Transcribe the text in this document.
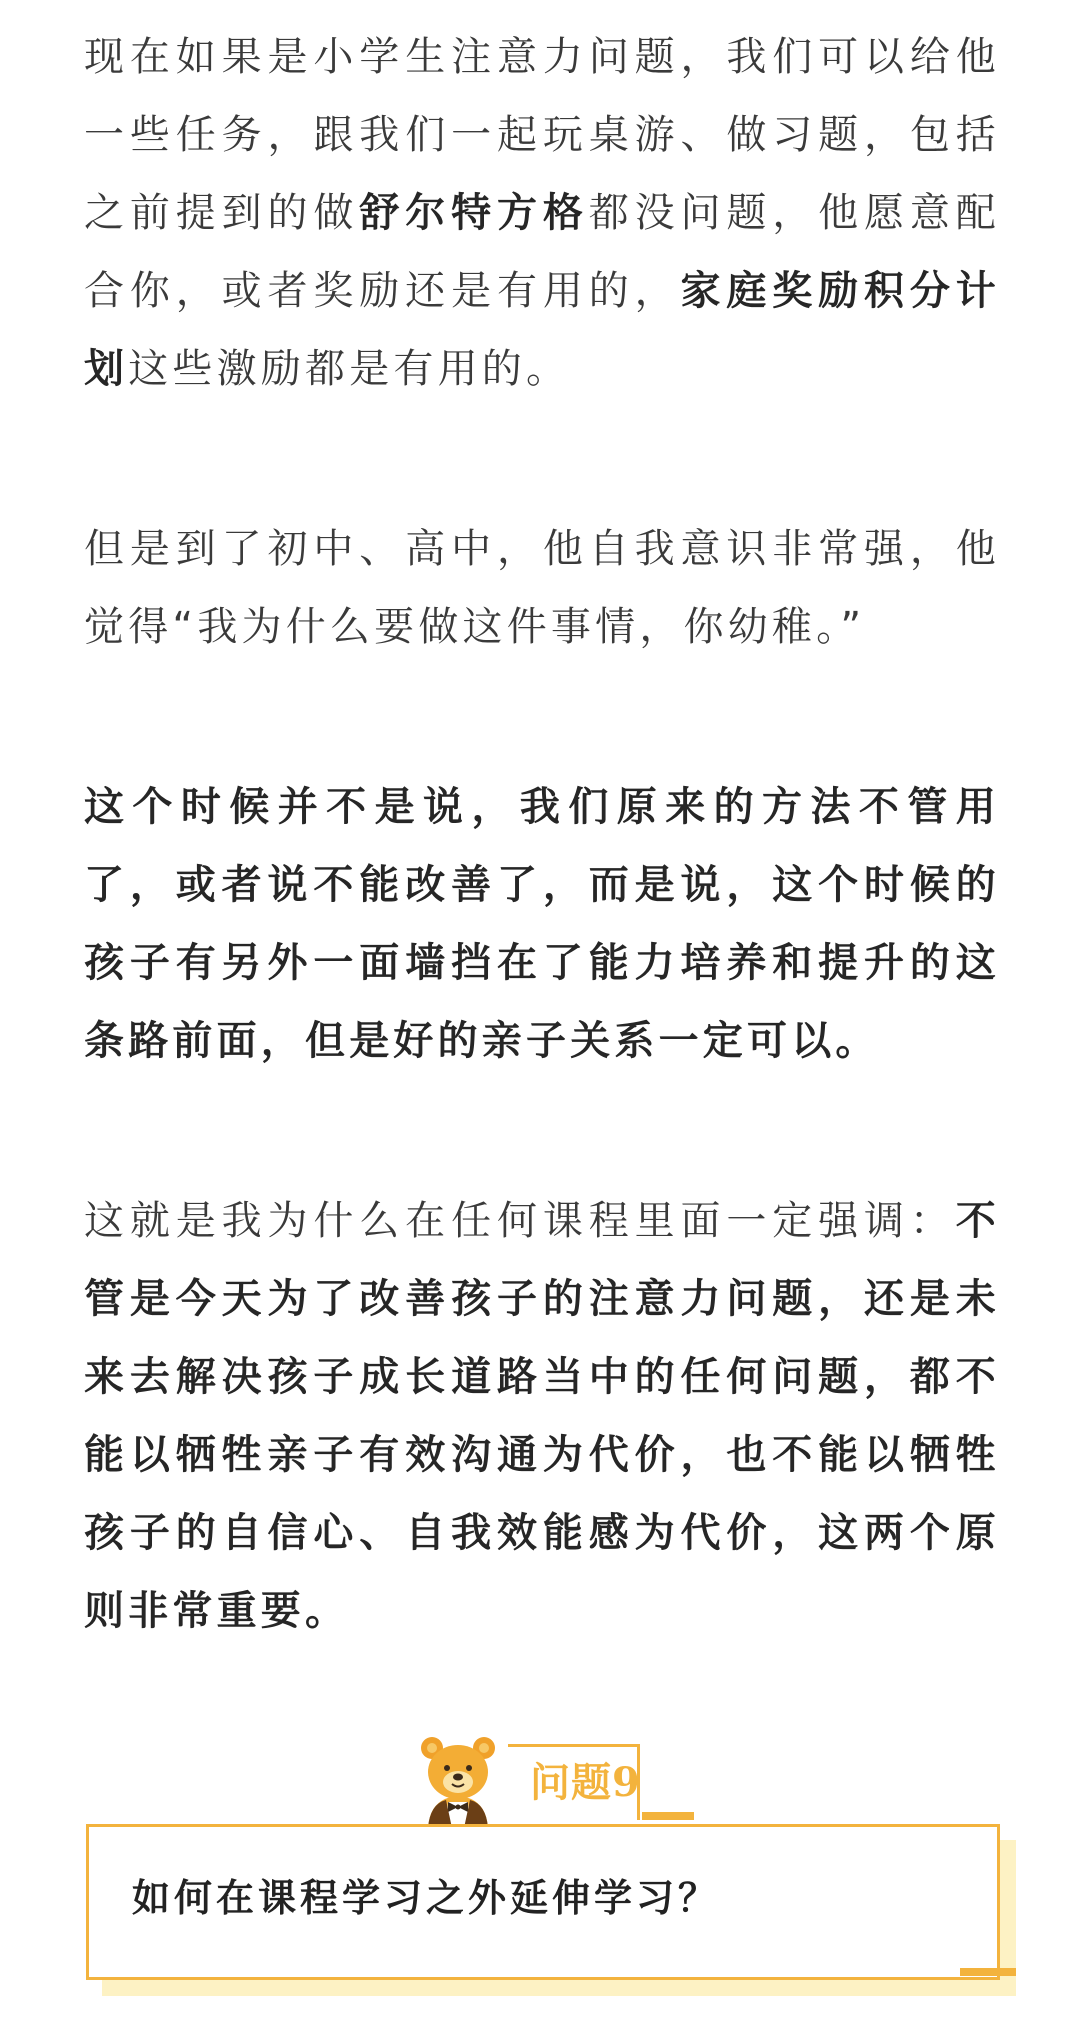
现在如果是小学生注意力问题，我们可以给他一些任务，跟我们一起玩桌游、做习题，包括之前提到的做舒尔特方格都没问题，他愿意配合你，或者奖励还是有用的，家庭奖励积分计划这些激励都是有用的。

但是到了初中、高中，他自我意识非常强，他觉得“我为什么要做这件事情，你幼稚。”

这个时候并不是说，我们原来的方法不管用了，或者说不能改善了，而是说，这个时候的孩子有另外一面墙挡在了能力培养和提升的这条路前面，但是好的亲子关系一定可以。

这就是我为什么在任何课程里面一定强调：不管是今天为了改善孩子的注意力问题，还是未来去解决孩子成长道路当中的任何问题，都不能以牺牲亲子有效沟通为代价，也不能以牺牲孩子的自信心、自我效能感为代价，这两个原则非常重要。

问题9
如何在课程学习之外延伸学习？
